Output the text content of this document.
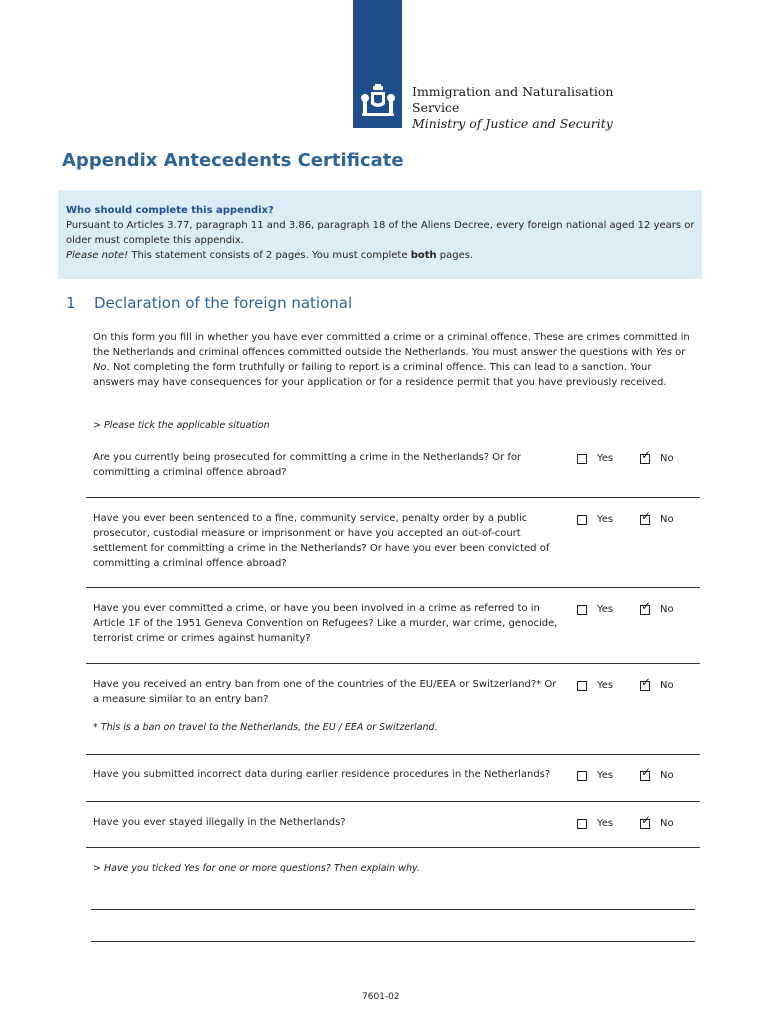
Immigration and Naturalisation
Service
Ministry of Justice and Security
Appendix Antecedents Certificate
Who should complete this appendix?
Pursuant to Articles 3.77, paragraph 11 and 3.86, paragraph 18 of the Aliens Decree, every foreign national aged 12 years or older must complete this appendix.
Please note! This statement consists of 2 pages. You must complete both pages.
1 Declaration of the foreign national
On this form you fill in whether you have ever committed a crime or a criminal offence. These are crimes committed in the Netherlands and criminal offences committed outside the Netherlands. You must answer the questions with Yes or No. Not completing the form truthfully or failing to report is a criminal offence. This can lead to a sanction. Your answers may have consequences for your application or for a residence permit that you have previously received.
> Please tick the applicable situation
Are you currently being prosecuted for committing a crime in the Netherlands? Or for committing a criminal offence abroad?
Yes ✓ No
Have you ever been sentenced to a fine, community service, penalty order by a public prosecutor, custodial measure or imprisonment or have you accepted an out-of-court settlement for committing a crime in the Netherlands? Or have you ever been convicted of committing a criminal offence abroad?
Yes ✓ No
Have you ever committed a crime, or have you been involved in a crime as referred to in Article 1F of the 1951 Geneva Convention on Refugees? Like a murder, war crime, genocide, terrorist crime or crimes against humanity?
Yes ✓ No
Have you received an entry ban from one of the countries of the EU/EEA or Switzerland?* Or a measure similar to an entry ban?
Yes ✓ No
* This is a ban on travel to the Netherlands, the EU / EEA or Switzerland.
Have you submitted incorrect data during earlier residence procedures in the Netherlands?	Yes ✓ No
Have you ever stayed illegally in the Netherlands?	Yes ✓ No
> Have you ticked Yes for one or more questions? Then explain why.
7601-02
